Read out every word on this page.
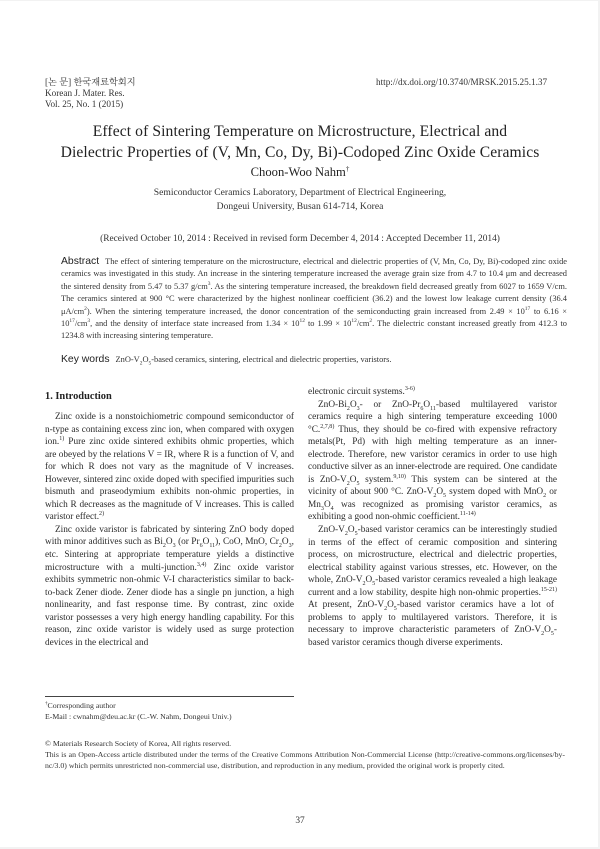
[논 문] 한국재료학회지
Korean J. Mater. Res.
Vol. 25, No. 1 (2015)
http://dx.doi.org/10.3740/MRSK.2015.25.1.37
Effect of Sintering Temperature on Microstructure, Electrical and
Dielectric Properties of (V, Mn, Co, Dy, Bi)-Codoped Zinc Oxide Ceramics
Choon-Woo Nahm†
Semiconductor Ceramics Laboratory, Department of Electrical Engineering,
Dongeui University, Busan 614-714, Korea
(Received October 10, 2014 : Received in revised form December 4, 2014 : Accepted December 11, 2014)
Abstract The effect of sintering temperature on the microstructure, electrical and dielectric properties of (V, Mn, Co, Dy, Bi)-codoped zinc oxide ceramics was investigated in this study. An increase in the sintering temperature increased the average grain size from 4.7 to 10.4 μm and decreased the sintered density from 5.47 to 5.37 $g/cm^3$. As the sintering temperature increased, the breakdown field decreased greatly from 6027 to 1659 V/cm. The ceramics sintered at 900 °C were characterized by the highest nonlinear coefficient (36.2) and the lowest low leakage current density (36.4 $\mu A/cm^2$). When the sintering temperature increased, the donor concentration of the semiconducting grain increased from $2.49 \times 10^{17}$ to $6.16 \times 10^{17}/cm^3$, and the density of interface state increased from $1.34 \times 10^{12}$ to $1.99 \times 10^{12}/cm^2$. The dielectric constant increased greatly from 412.3 to 1234.8 with increasing sintering temperature.
Key words ZnO-$V_2O_5$-based ceramics, sintering, electrical and dielectric properties, varistors.
1. Introduction

Zinc oxide is a nonstoichiometric compound semiconductor of n-type as containing excess zinc ion, when compared with oxygen ion.$^{1)}$ Pure zinc oxide sintered exhibits ohmic properties, which are obeyed by the relations V = IR, where R is a function of V, and for which R does not vary as the magnitude of V increases. However, sintered zinc oxide doped with specified impurities such bismuth and praseodymium exhibits non-ohmic properties, in which R decreases as the magnitude of V increases. This is called varistor effect.$^{2)}$

Zinc oxide varistor is fabricated by sintering ZnO body doped with minor additives such as $Bi_2O_3$ (or $Pr_6O_{11}$), CoO, MnO, $Cr_2O_3$, etc. Sintering at appropriate temperature yields a distinctive microstructure with a multi-junction.$^{3,4)}$ Zinc oxide varistor exhibits symmetric non-ohmic V-I characteristics similar to back-to-back Zener diode. Zener diode has a single pn junction, a high nonlinearity, and fast response time. By contrast, zinc oxide varistor possesses a very high energy handling capability. For this reason, zinc oxide varistor is widely used as surge protection devices in the electrical and

electronic circuit systems.$^{3-6)}$

ZnO-$Bi_2O_3-$ or ZnO-$Pr_6O_{11}$-based multilayered varistor ceramics require a high sintering temperature exceeding 1000 °C.$^{2,7,8)}$ Thus, they should be co-fired with expensive refractory metals(Pt, Pd) with high melting temperature as an inner-electrode. Therefore, new varistor ceramics in order to use high conductive silver as an inner-electrode are required. One candidate is ZnO-$V_2O_5$ system.$^{9,10)}$ This system can be sintered at the vicinity of about 900 °C. ZnO-$V_2O_5$ system doped with MnO$_2$ or $Mn_3O_4$ was recognized as promising varistor ceramics, as exhibiting a good non-ohmic coefficient.$^{11-14)}$

ZnO-$V_2O_5$-based varistor ceramics can be interestingly studied in terms of the effect of ceramic composition and sintering process, on microstructure, electrical and dielectric properties, electrical stability against various stresses, etc. However, on the whole, ZnO-$V_2O_5$-based varistor ceramics revealed a high leakage current and a low stability, despite high non-ohmic properties.$^{15-21)}$ At present, ZnO-$V_2O_5$-based varistor ceramics have a lot of problems to apply to multilayered varistors. Therefore, it is necessary to improve characteristic parameters of ZnO-$V_2O_5$-based varistor ceramics though diverse experiments.

†Corresponding author
E-Mail : cwnahm@deu.ac.kr (C.-W. Nahm, Dongeui Univ.)
© Materials Research Society of Korea, All rights reserved.
This is an Open-Access article distributed under the terms of the Creative Commons Attribution Non-Commercial License (http://creative-commons.org/licenses/by-nc/3.0) which permits unrestricted non-commercial use, distribution, and reproduction in any medium, provided the original work is properly cited.
37
